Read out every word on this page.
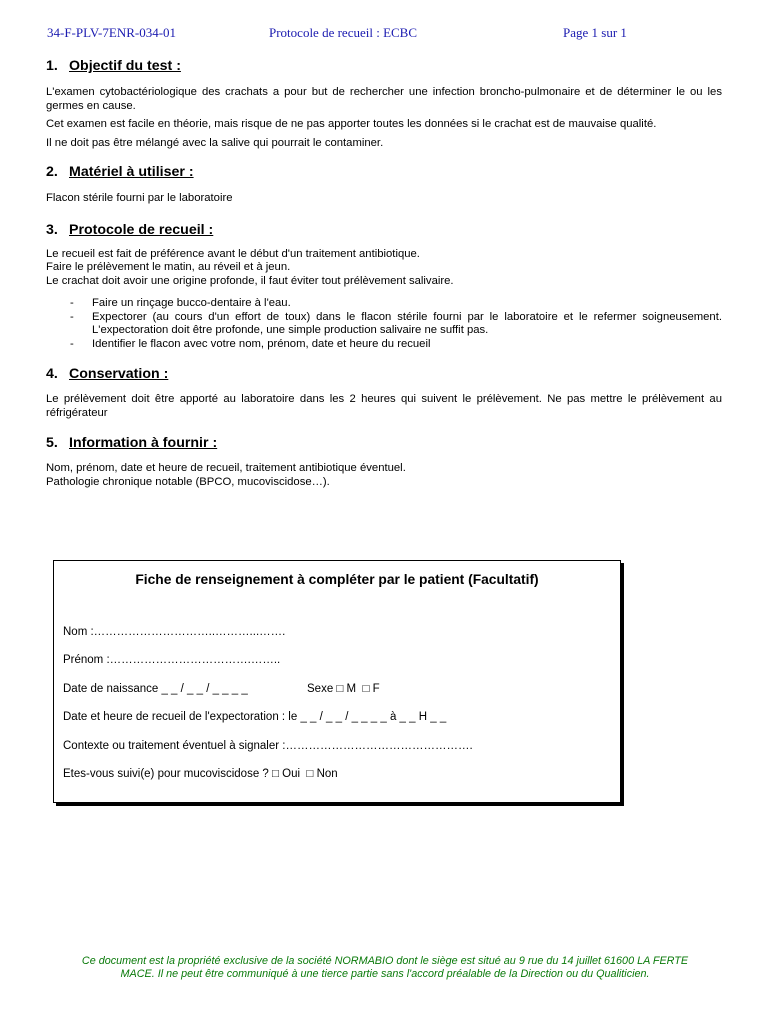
34-F-PLV-7ENR-034-01	Protocole de recueil : ECBC	Page 1 sur 1
1. Objectif du test :

L'examen cytobactériologique des crachats a pour but de rechercher une infection broncho-pulmonaire et de déterminer le ou les germes en cause.

Cet examen est facile en théorie, mais risque de ne pas apporter toutes les données si le crachat est de mauvaise qualité.

Il ne doit pas être mélangé avec la salive qui pourrait le contaminer.

2. Matériel à utiliser :

Flacon stérile fourni par le laboratoire

3. Protocole de recueil :

Le recueil est fait de préférence avant le début d'un traitement antibiotique.

Faire le prélèvement le matin, au réveil et à jeun.

Le crachat doit avoir une origine profonde, il faut éviter tout prélèvement salivaire.

-	Faire un rinçage bucco-dentaire à l'eau.
-	Expectorer (au cours d'un effort de toux) dans le flacon stérile fourni par le laboratoire et le refermer soigneusement. L'expectoration doit être profonde, une simple production salivaire ne suffit pas.
-	Identifier le flacon avec votre nom, prénom, date et heure du recueil
4. Conservation :

Le prélèvement doit être apporté au laboratoire dans les 2 heures qui suivent le prélèvement. Ne pas mettre le prélèvement au réfrigérateur

5. Information à fournir :

Nom, prénom, date et heure de recueil, traitement antibiotique éventuel.

Pathologie chronique notable (BPCO, mucoviscidose…).

Fiche de renseignement à compléter par le patient (Facultatif)
Nom :…………………………..………...…….
Prénom :……………………………….……..
Date de naissance _ _ / _ _ / _ _ _ _	Sexe □ M  □ F
Date et heure de recueil de l'expectoration : le _ _ / _ _ / _ _ _ _ à _ _ H _ _
Contexte ou traitement éventuel à signaler :………………………………………….
Etes-vous suivi(e) pour mucoviscidose ? □ Oui  □ Non
Ce document est la propriété exclusive de la société NORMABIO dont le siège est situé au 9 rue du 14 juillet 61600 LA FERTE
MACE. Il ne peut être communiqué à une tierce partie sans l'accord préalable de la Direction ou du Qualiticien.
